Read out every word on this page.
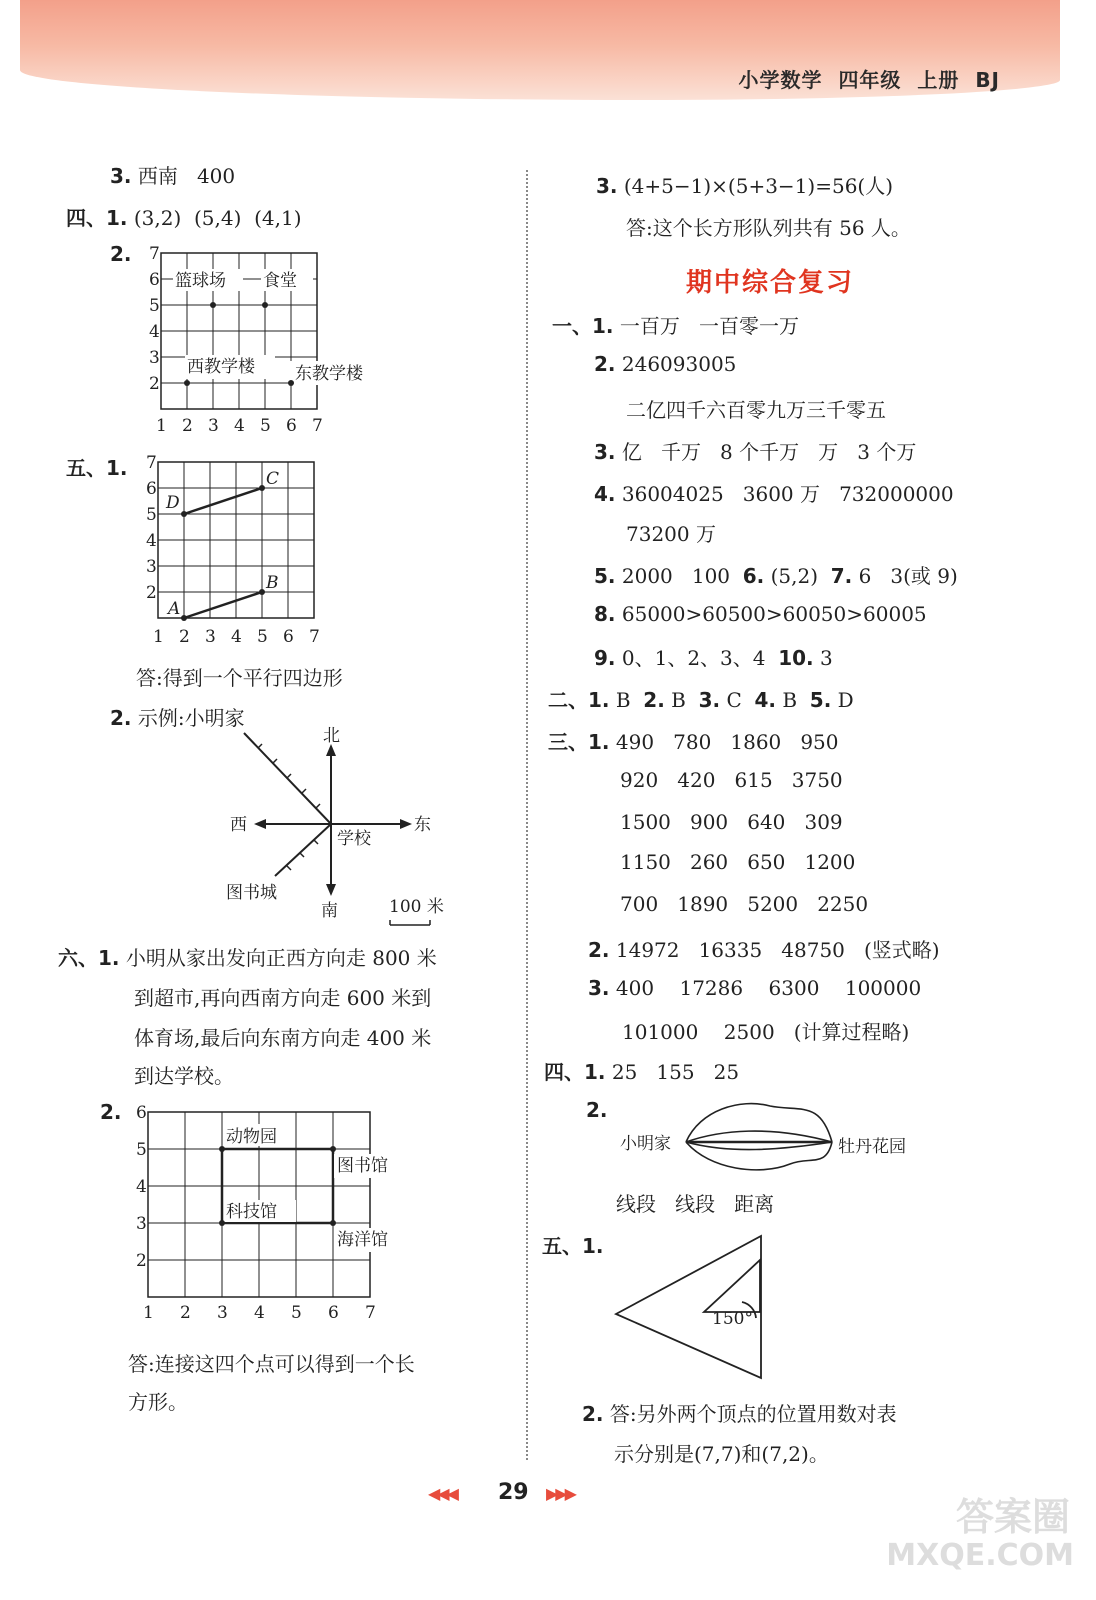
小学数学 四年级 上册 BJ
3. 西南   400
四、1. (3,2)  (5,4)  (4,1)
2. 7
6
5
4
3
2
1 2 3 4 5 6 7
篮球场 食堂
西教学楼 东教学楼
五、1. 7
6
5
4
3
2
1 2 3 4 5 6 7
A
B
C
D
答:得到一个平行四边形
2. 示例:小明家
北
南
西	东
学校
图书城
100 米
六、1. 小明从家出发向正西方向走 800 米
到超市,再向西南方向走 600 米到
体育场,最后向东南方向走 400 米
到达学校。
2. 6
5
4
3
2
1 2 3 4 5 6 7
动物园
图书馆
科技馆
海洋馆
答:连接这四个点可以得到一个长
方形。
3. (4+5−1)×(5+3−1)=56(人)
答:这个长方形队列共有 56 人。
期中综合复习
一、1. 一百万   一百零一万
2. 246093005
二亿四千六百零九万三千零五
3. 亿   千万   8 个千万   万   3 个万
4. 36004025   3600 万   732000000
73200 万
5. 2000   100  6. (5,2)  7. 6   3(或 9)
8. 65000>60500>60050>60005
9. 0、1、2、3、4  10. 3
二、1. B  2. B  3. C  4. B  5. D
三、1. 490   780   1860   950
920   420   615   3750
1500   900   640   309
1150   260   650   1200
700   1890   5200   2250
2. 14972   16335   48750   (竖式略)
3. 400    17286    6300    100000
101000    2500   (计算过程略)
四、1. 25   155   25
2.
小明家	牡丹花园
线段   线段   距离
五、1.
150°
2. 答:另外两个顶点的位置用数对表
示分别是(7,7)和(7,2)。
◀◀◀ 29 ▶▶▶
答案圈
MXQE.COM
